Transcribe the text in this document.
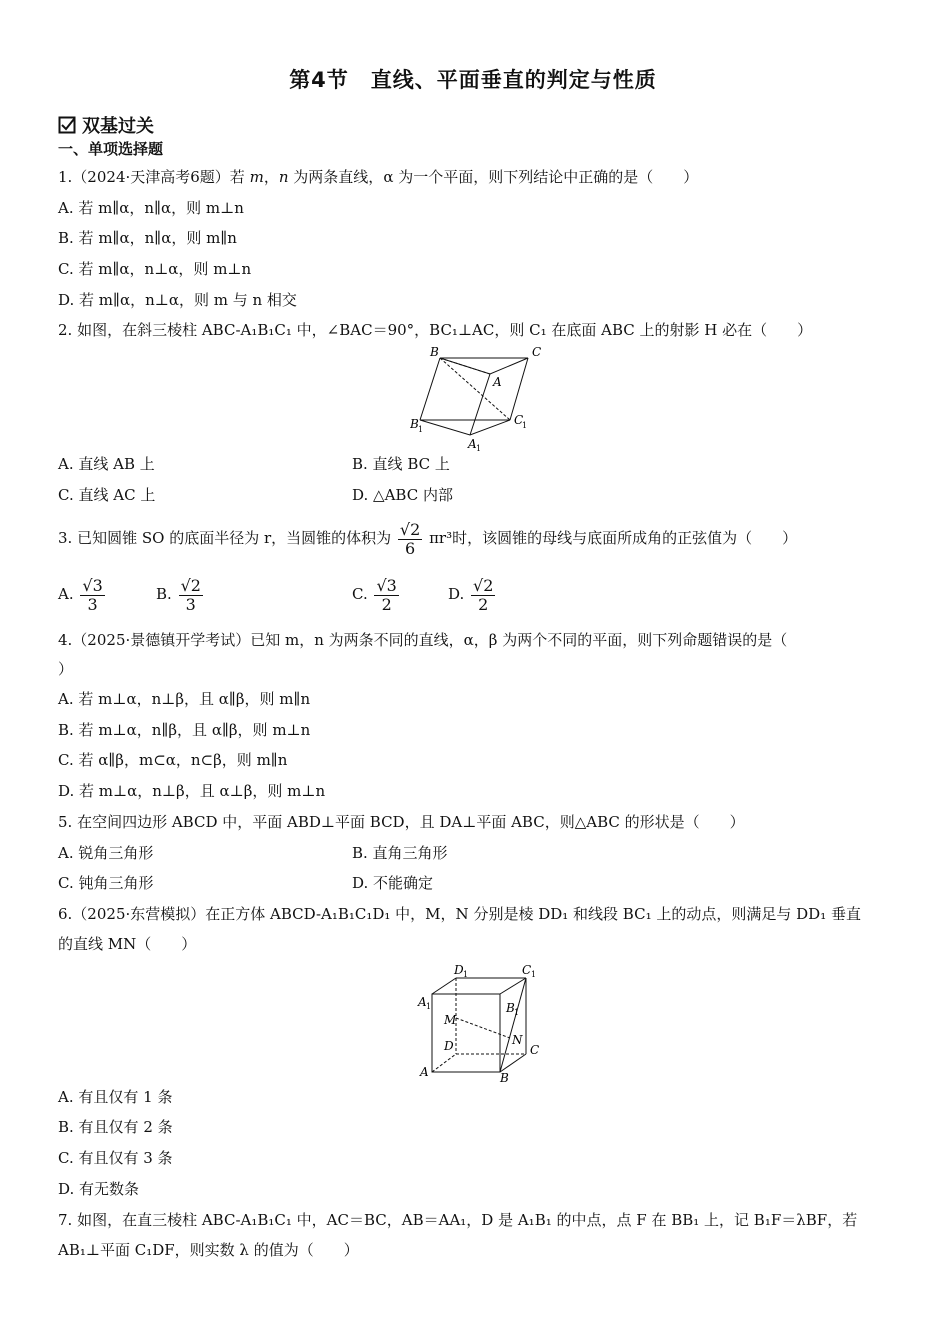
第4节　直线、平面垂直的判定与性质
双基过关
一、单项选择题
1.（2024·天津高考6题）若 m，n 为两条直线，α 为一个平面，则下列结论中正确的是（　　）
A. 若 m∥α，n∥α，则 m⊥n
B. 若 m∥α，n∥α，则 m∥n
C. 若 m∥α，n⊥α，则 m⊥n
D. 若 m∥α，n⊥α，则 m 与 n 相交
2. 如图，在斜三棱柱 ABC-A₁B₁C₁ 中，∠BAC＝90°，BC₁⊥AC，则 C₁ 在底面 ABC 上的射影 H 必在（　　）
B	C
A
B 1
C
1
A 1
A. 直线 AB 上	B. 直线 BC 上
C. 直线 AC 上	D. △ABC 内部
3. 已知圆锥 SO 的底面半径为 r，当圆锥的体积为 $\frac{√2}{6} \pi r^3$时，该圆锥的母线与底面所成角的正弦值为（　　）
A. $\frac{√3}{3}$	B. $\frac{√2}{3}$	C. $\frac{√3}{2}$	D. $\frac{√2}{2}$
4.（2025·景德镇开学考试）已知 m，n 为两条不同的直线，α，β 为两个不同的平面，则下列命题错误的是（
）
A. 若 m⊥α，n⊥β，且 α∥β，则 m∥n
B. 若 m⊥α，n∥β，且 α∥β，则 m⊥n
C. 若 α∥β，m⊂α，n⊂β，则 m∥n
D. 若 m⊥α，n⊥β，且 α⊥β，则 m⊥n
5. 在空间四边形 ABCD 中，平面 ABD⊥平面 BCD，且 DA⊥平面 ABC，则△ABC 的形状是（　　）
A. 锐角三角形	B. 直角三角形
C. 钝角三角形	D. 不能确定
6.（2025·东营模拟）在正方体 ABCD-A₁B₁C₁D₁ 中，M，N 分别是棱 DD₁ 和线段 BC₁ 上的动点，则满足与 DD₁ 垂直
的直线 MN（　　）
D 1	C 1
A 1	B 1
M
D	N
C
A	B
A. 有且仅有 1 条
B. 有且仅有 2 条
C. 有且仅有 3 条
D. 有无数条
7. 如图，在直三棱柱 ABC-A₁B₁C₁ 中，AC＝BC，AB＝AA₁，D 是 A₁B₁ 的中点，点 F 在 BB₁ 上，记 B₁F＝λBF，若
AB₁⊥平面 C₁DF，则实数 λ 的值为（　　）
